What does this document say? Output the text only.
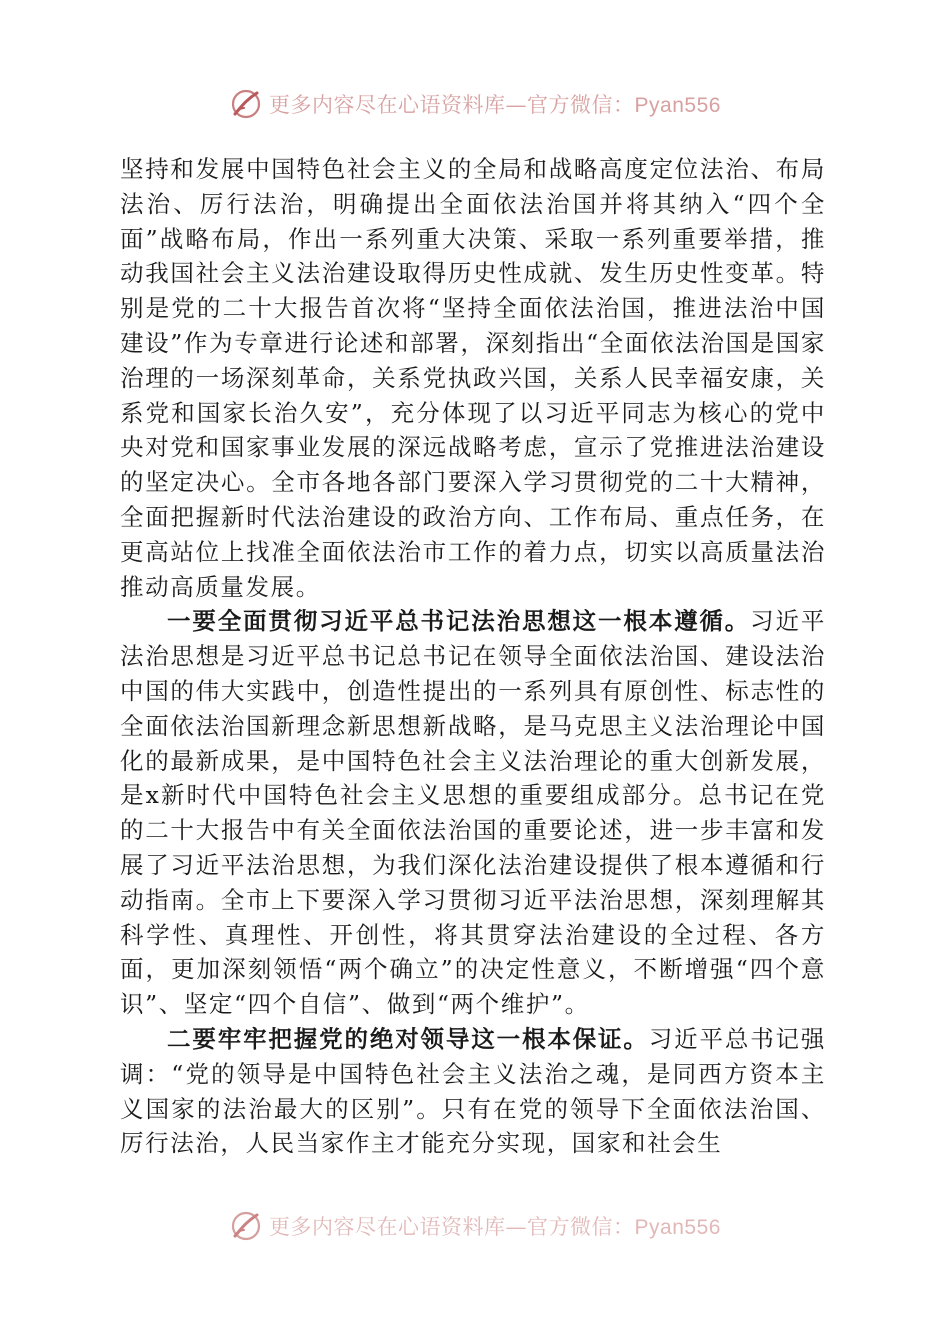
更多内容尽在心语资料库—官方微信：Pyan556

坚持和发展中国特色社会主义的全局和战略高度定位法治、布局法治、厉行法治，明确提出全面依法治国并将其纳入“四个全面”战略布局，作出一系列重大决策、采取一系列重要举措，推动我国社会主义法治建设取得历史性成就、发生历史性变革。特别是党的二十大报告首次将“坚持全面依法治国，推进法治中国建设”作为专章进行论述和部署，深刻指出“全面依法治国是国家治理的一场深刻革命，关系党执政兴国，关系人民幸福安康，关系党和国家长治久安”，充分体现了以习近平同志为核心的党中央对党和国家事业发展的深远战略考虑，宣示了党推进法治建设的坚定决心。全市各地各部门要深入学习贯彻党的二十大精神，全面把握新时代法治建设的政治方向、工作布局、重点任务，在更高站位上找准全面依法治市工作的着力点，切实以高质量法治推动高质量发展。

一要全面贯彻习近平总书记法治思想这一根本遵循。习近平法治思想是习近平总书记总书记在领导全面依法治国、建设法治中国的伟大实践中，创造性提出的一系列具有原创性、标志性的全面依法治国新理念新思想新战略，是马克思主义法治理论中国化的最新成果，是中国特色社会主义法治理论的重大创新发展，是x新时代中国特色社会主义思想的重要组成部分。总书记在党的二十大报告中有关全面依法治国的重要论述，进一步丰富和发展了习近平法治思想，为我们深化法治建设提供了根本遵循和行动指南。全市上下要深入学习贯彻习近平法治思想，深刻理解其科学性、真理性、开创性，将其贯穿法治建设的全过程、各方面，更加深刻领悟“两个确立”的决定性意义，不断增强“四个意识”、坚定“四个自信”、做到“两个维护”。

二要牢牢把握党的绝对领导这一根本保证。习近平总书记强调：“党的领导是中国特色社会主义法治之魂，是同西方资本主义国家的法治最大的区别”。只有在党的领导下全面依法治国、厉行法治，人民当家作主才能充分实现，国家和社会生

更多内容尽在心语资料库—官方微信：Pyan556
